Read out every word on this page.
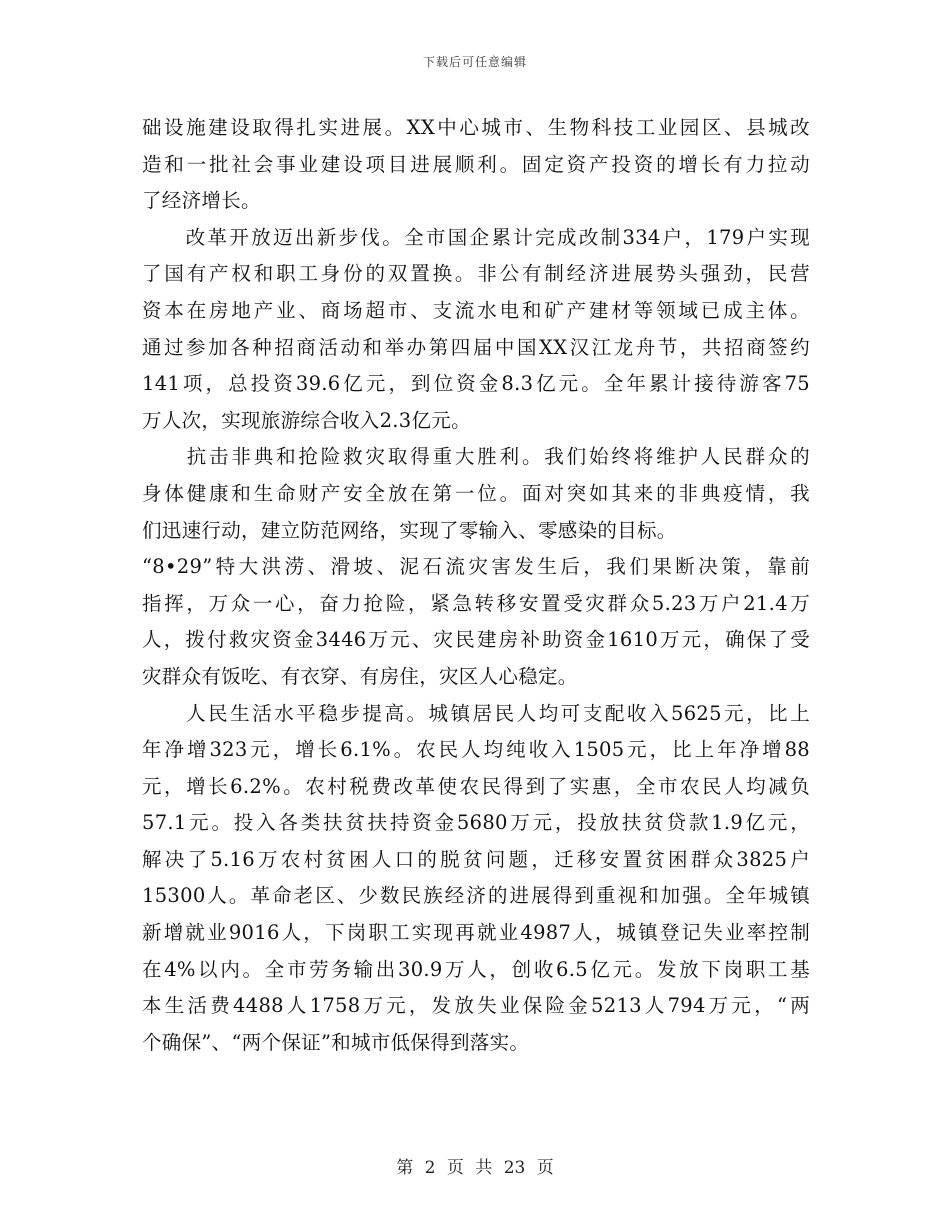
下载后可任意编辑
础设施建设取得扎实进展。XX中心城市、生物科技工业园区、县城改
造和一批社会事业建设项目进展顺利。固定资产投资的增长有力拉动
了经济增长。
　　改革开放迈出新步伐。全市国企累计完成改制334户，179户实现
了国有产权和职工身份的双置换。非公有制经济进展势头强劲，民营
资本在房地产业、商场超市、支流水电和矿产建材等领域已成主体。
通过参加各种招商活动和举办第四届中国XX汉江龙舟节，共招商签约
141项，总投资39.6亿元，到位资金8.3亿元。全年累计接待游客75
万人次，实现旅游综合收入2.3亿元。
　　抗击非典和抢险救灾取得重大胜利。我们始终将维护人民群众的
身体健康和生命财产安全放在第一位。面对突如其来的非典疫情，我
们迅速行动，建立防范网络，实现了零输入、零感染的目标。
“8•29”特大洪涝、滑坡、泥石流灾害发生后，我们果断决策，靠前
指挥，万众一心，奋力抢险，紧急转移安置受灾群众5.23万户21.4万
人，拨付救灾资金3446万元、灾民建房补助资金1610万元，确保了受
灾群众有饭吃、有衣穿、有房住，灾区人心稳定。
　　人民生活水平稳步提高。城镇居民人均可支配收入5625元，比上
年净增323元，增长6.1%。农民人均纯收入1505元，比上年净增88
元，增长6.2%。农村税费改革使农民得到了实惠，全市农民人均减负
57.1元。投入各类扶贫扶持资金5680万元，投放扶贫贷款1.9亿元，
解决了5.16万农村贫困人口的脱贫问题，迁移安置贫困群众3825户
15300人。革命老区、少数民族经济的进展得到重视和加强。全年城镇
新增就业9016人，下岗职工实现再就业4987人，城镇登记失业率控制
在4%以内。全市劳务输出30.9万人，创收6.5亿元。发放下岗职工基
本生活费4488人1758万元，发放失业保险金5213人794万元，“两
个确保”、“两个保证”和城市低保得到落实。
第 2 页 共 23 页
